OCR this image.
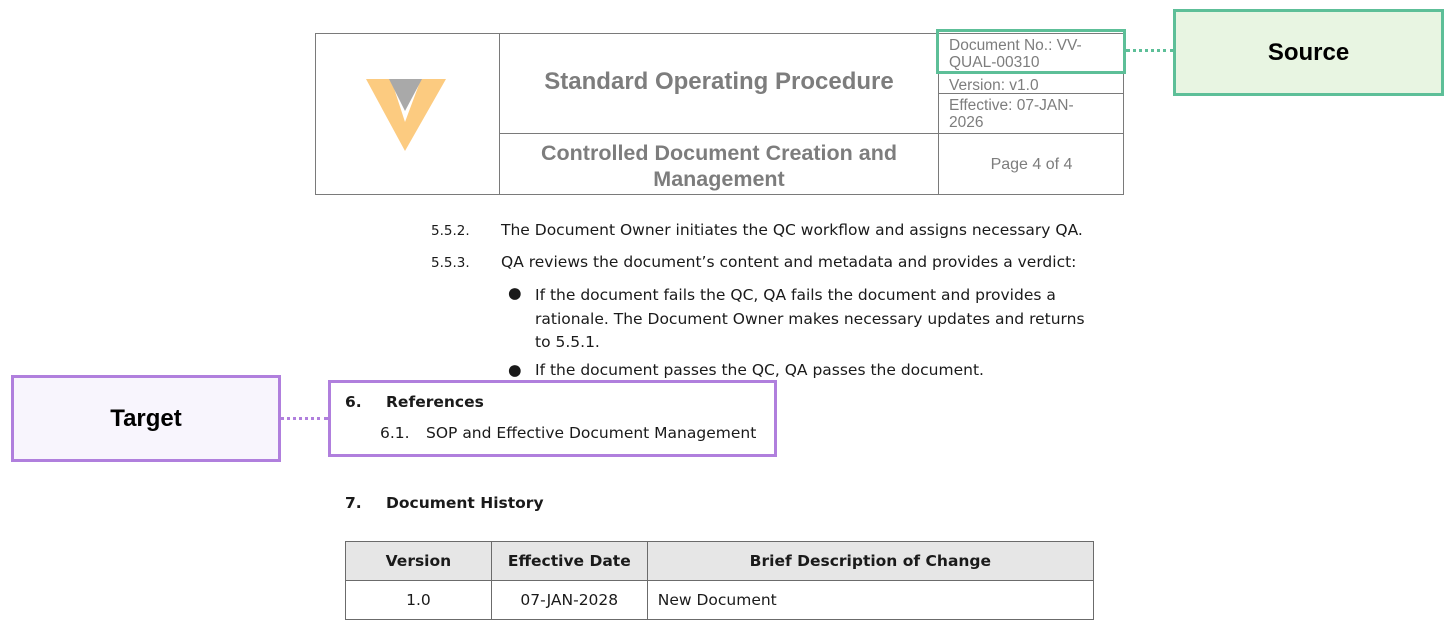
Standard Operating Procedure
Controlled Document Creation and
Management
Document No.: VV-
QUAL-00310
Version: v1.0
Effective: 07-JAN-
2026
Page 4 of 4
5.5.2. The Document Owner initiates the QC workflow and assigns necessary QA.
5.5.3. QA reviews the document’s content and metadata and provides a verdict:
● If the document fails the QC, QA fails the document and provides a
rationale. The Document Owner makes necessary updates and returns
to 5.5.1.
● If the document passes the QC, QA passes the document.
6. References
6.1. SOP and Effective Document Management
7. Document History
Version	Effective Date	Brief Description of Change
1.0	07-JAN-2028	New Document
Source
Target
